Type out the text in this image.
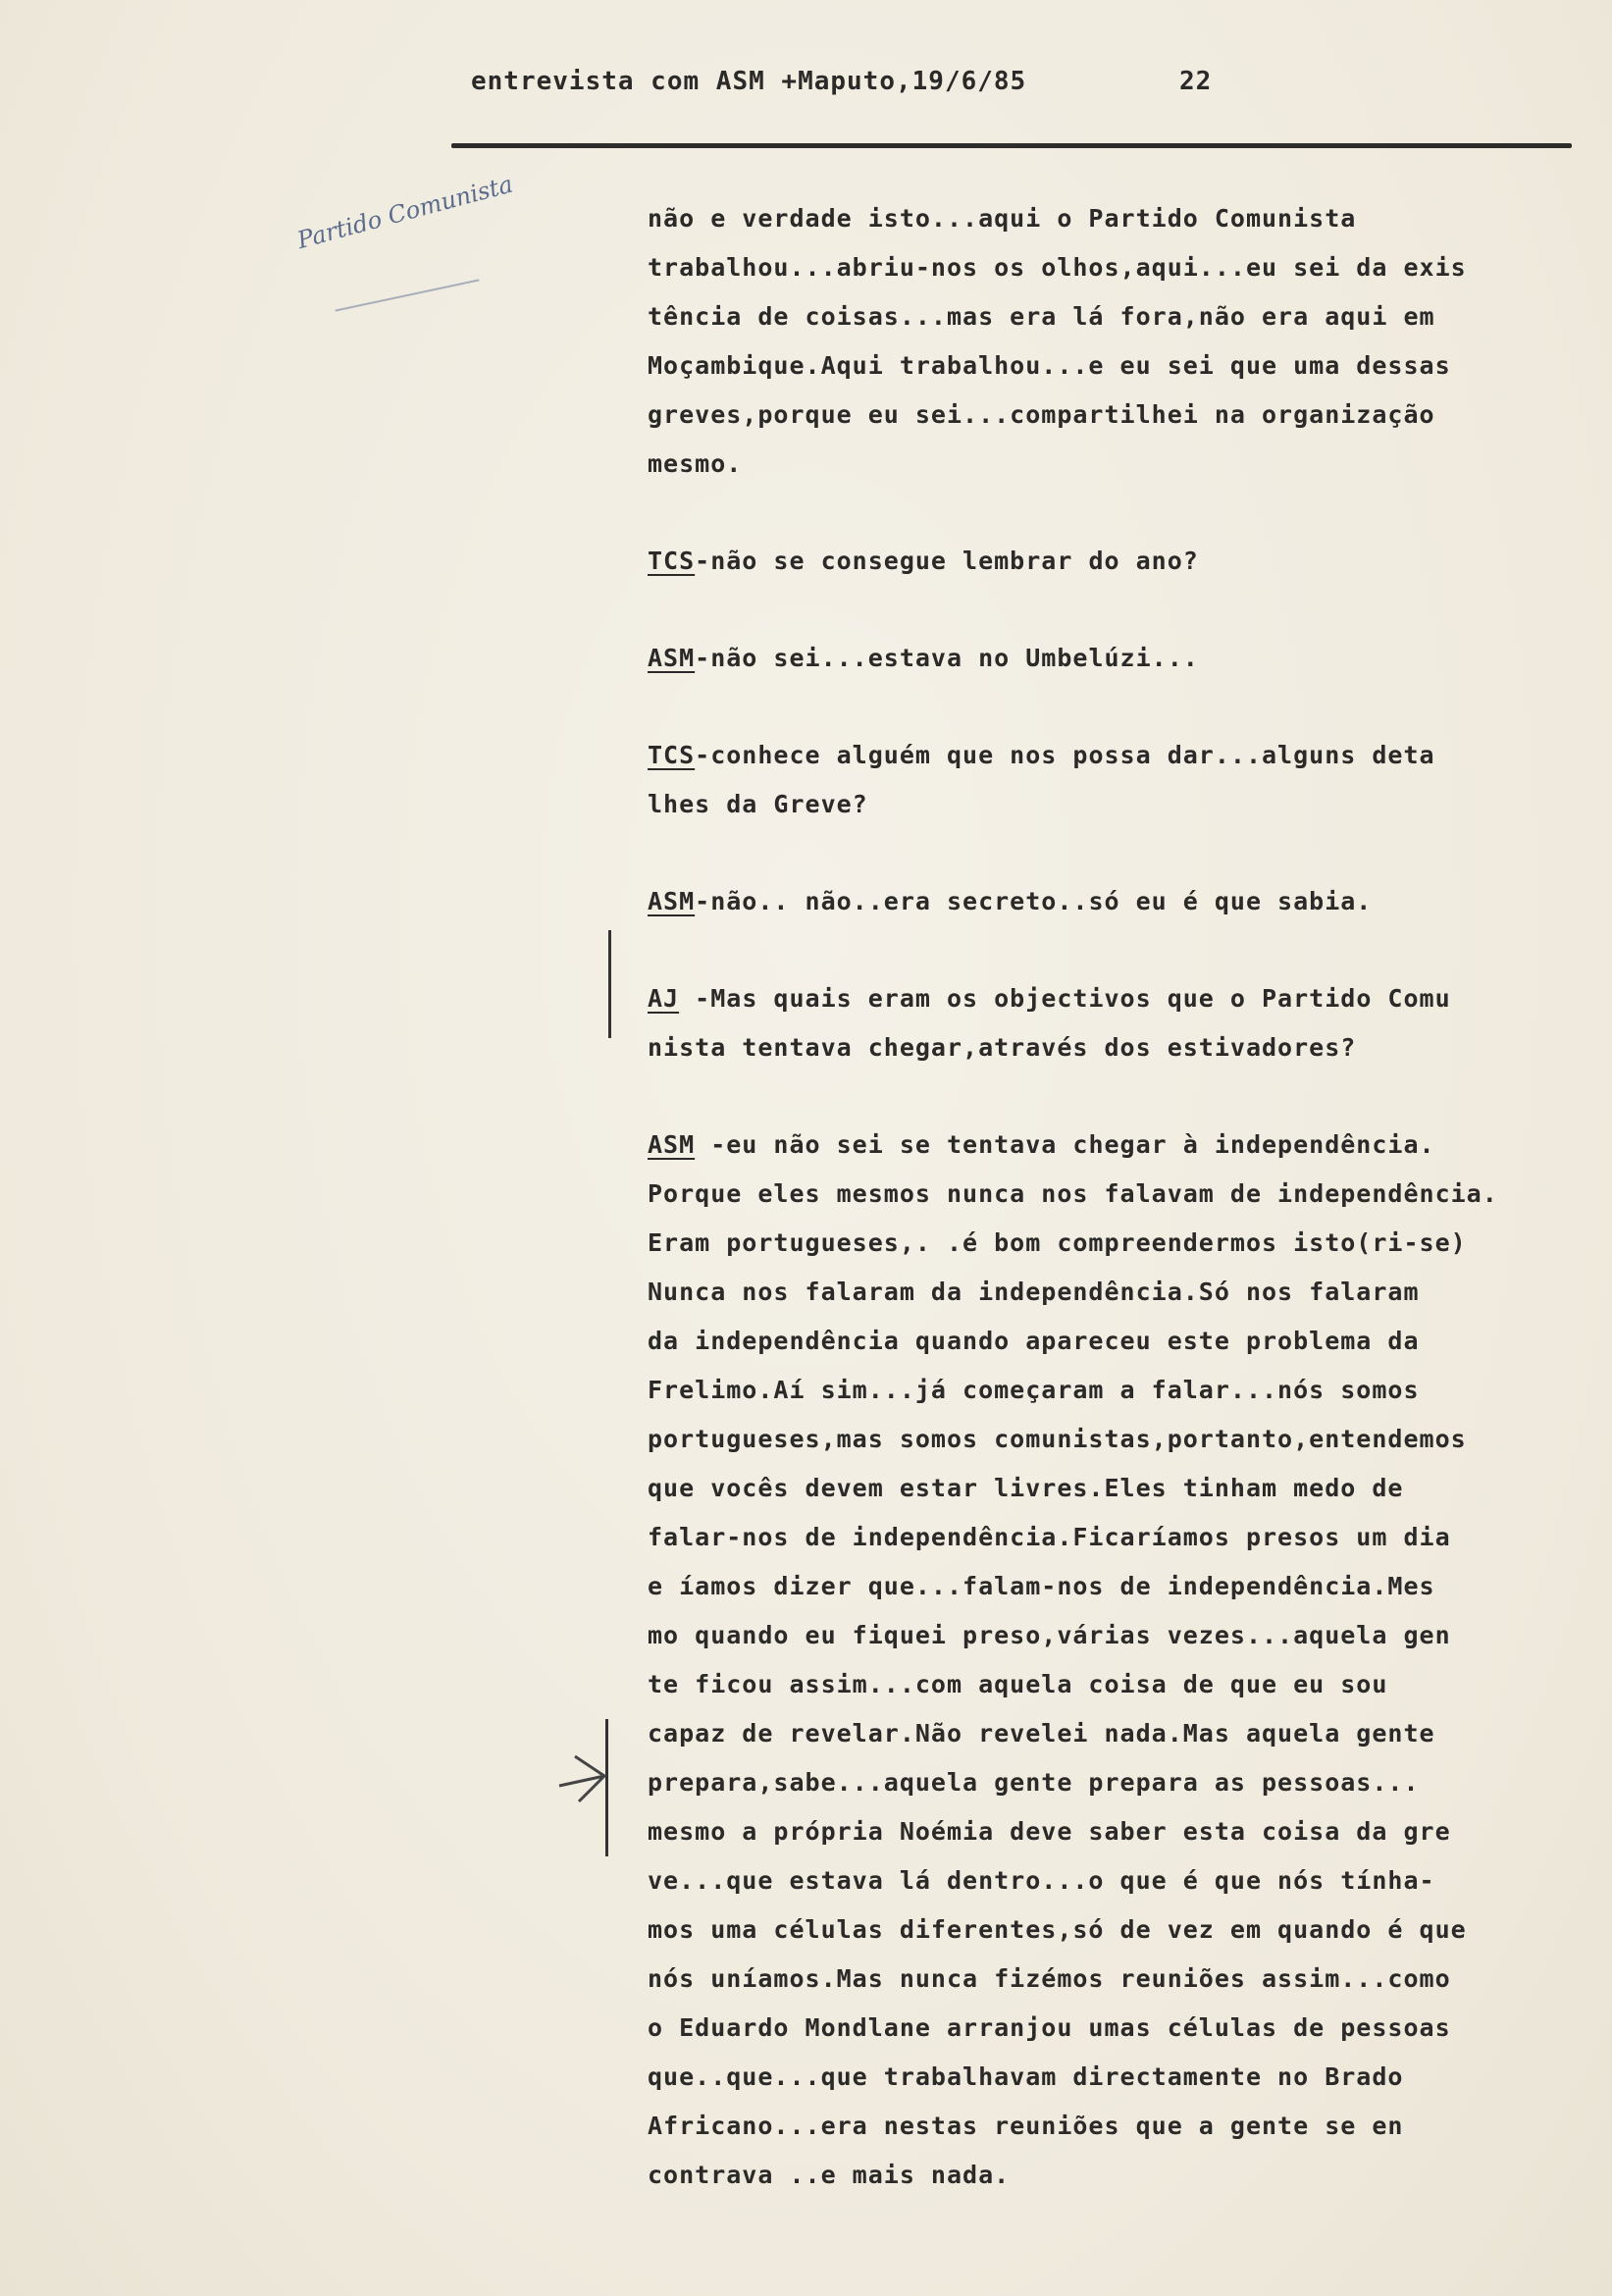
entrevista com ASM +Maputo,19/6/85	22
Partido Comunista	não e verdade isto...aqui o Partido Comunista
trabalhou...abriu-nos os olhos,aqui...eu sei da exis
tência de coisas...mas era lá fora,não era aqui em
Moçambique.Aqui trabalhou...e eu sei que uma dessas
greves,porque eu sei...compartilhei na organização
mesmo.
TCS-não se consegue lembrar do ano?
ASM-não sei...estava no Umbelúzi...
TCS-conhece alguém que nos possa dar...alguns deta
lhes da Greve?
ASM-não.. não..era secreto..só eu é que sabia.
AJ -Mas quais eram os objectivos que o Partido Comu
nista tentava chegar,através dos estivadores?
ASM -eu não sei se tentava chegar à independência.
Porque eles mesmos nunca nos falavam de independência.
Eram portugueses,. .é bom compreendermos isto(ri-se)
Nunca nos falaram da independência.Só nos falaram
da independência quando apareceu este problema da
Frelimo.Aí sim...já começaram a falar...nós somos
portugueses,mas somos comunistas,portanto,entendemos
que vocês devem estar livres.Eles tinham medo de
falar-nos de independência.Ficaríamos presos um dia
e íamos dizer que...falam-nos de independência.Mes
mo quando eu fiquei preso,várias vezes...aquela gen
te ficou assim...com aquela coisa de que eu sou
capaz de revelar.Não revelei nada.Mas aquela gente
prepara,sabe...aquela gente prepara as pessoas...
mesmo a própria Noémia deve saber esta coisa da gre
ve...que estava lá dentro...o que é que nós tínha-
mos uma células diferentes,só de vez em quando é que
nós uníamos.Mas nunca fizémos reuniões assim...como
o Eduardo Mondlane arranjou umas células de pessoas
que..que...que trabalhavam directamente no Brado
Africano...era nestas reuniões que a gente se en
contrava ..e mais nada.
